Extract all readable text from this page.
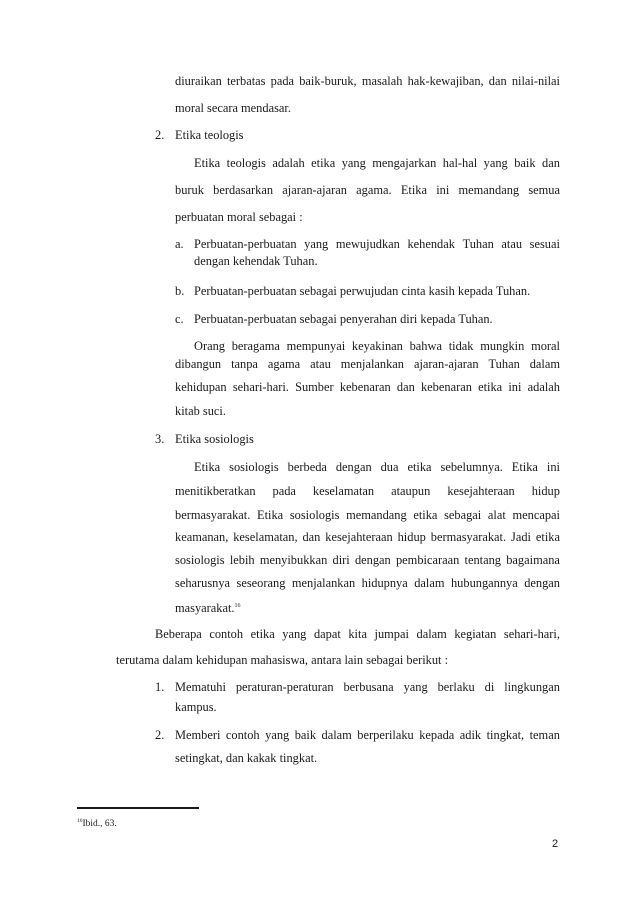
diuraikan terbatas pada baik-buruk, masalah hak-kewajiban, dan nilai-nilai
moral secara mendasar.
2. Etika teologis
Etika teologis adalah etika yang mengajarkan hal-hal yang baik dan
buruk berdasarkan ajaran-ajaran agama. Etika ini memandang semua
perbuatan moral sebagai :
a. Perbuatan-perbuatan yang mewujudkan kehendak Tuhan atau sesuai
dengan kehendak Tuhan.
b. Perbuatan-perbuatan sebagai perwujudan cinta kasih kepada Tuhan.
c. Perbuatan-perbuatan sebagai penyerahan diri kepada Tuhan.
Orang beragama mempunyai keyakinan bahwa tidak mungkin moral
dibangun tanpa agama atau menjalankan ajaran-ajaran Tuhan dalam
kehidupan sehari-hari. Sumber kebenaran dan kebenaran etika ini adalah
kitab suci.
3. Etika sosiologis
Etika sosiologis berbeda dengan dua etika sebelumnya. Etika ini
menitikberatkan pada keselamatan ataupun kesejahteraan hidup
bermasyarakat. Etika sosiologis memandang etika sebagai alat mencapai
keamanan, keselamatan, dan kesejahteraan hidup bermasyarakat. Jadi etika
sosiologis lebih menyibukkan diri dengan pembicaraan tentang bagaimana
seharusnya seseorang menjalankan hidupnya dalam hubungannya dengan
masyarakat.$^{16}$
Beberapa contoh etika yang dapat kita jumpai dalam kegiatan sehari-hari,
terutama dalam kehidupan mahasiswa, antara lain sebagai berikut :
1. Mematuhi peraturan-peraturan berbusana yang berlaku di lingkungan
kampus.
2. Memberi contoh yang baik dalam berperilaku kepada adik tingkat, teman
setingkat, dan kakak tingkat.
$^{16}$Ibid., 63.
2
